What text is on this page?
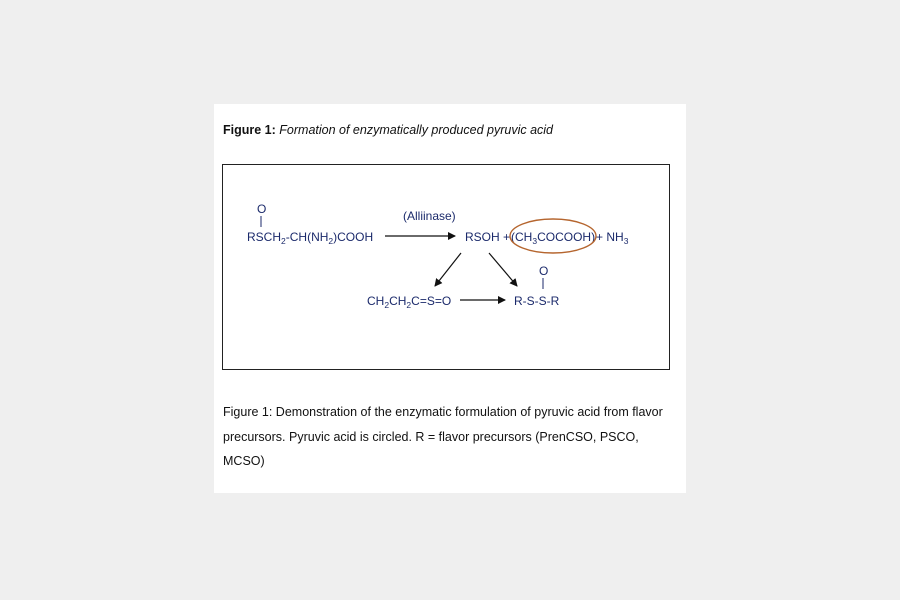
Figure 1: Formation of enzymatically produced pyruvic acid
O
$RSCH_2-CH(NH_2)COOH$
(Alliinase)
RSOH + $(CH_3COCOOH) + NH_3$
$CH_2CH_2C=S=O$
O
R-S-S-R
Figure 1: Demonstration of the enzymatic formulation of pyruvic acid from flavor precursors. Pyruvic acid is circled. R = flavor precursors (PrenCSO, PSCO, MCSO)
